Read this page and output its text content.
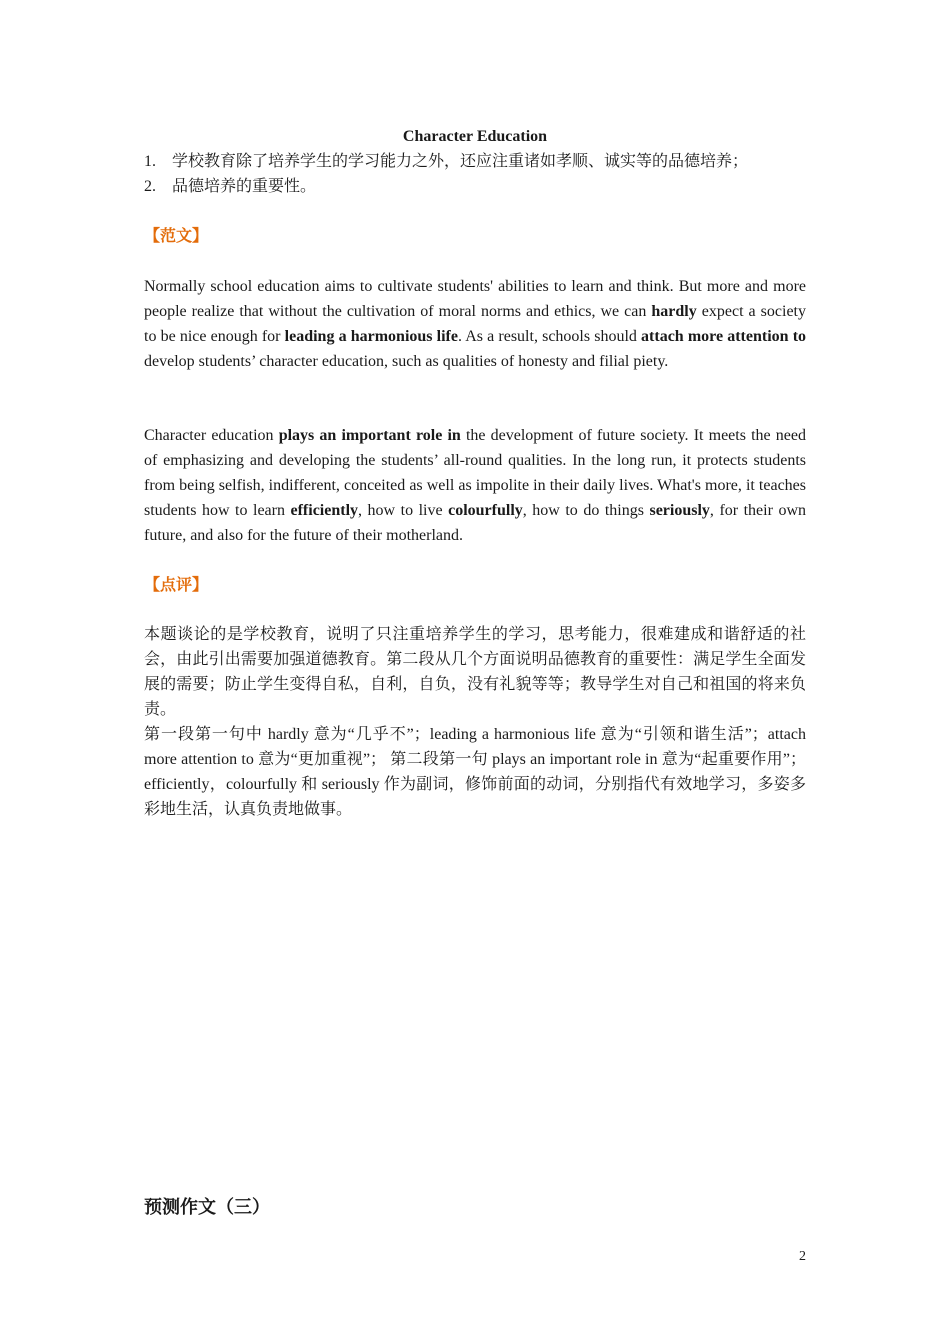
Character Education
1. 学校教育除了培养学生的学习能力之外，还应注重诸如孝顺、诚实等的品德培养；
2. 品德培养的重要性。
【范文】

Normally school education aims to cultivate students' abilities to learn and think. But more and more people realize that without the cultivation of moral norms and ethics, we can hardly expect a society to be nice enough for leading a harmonious life. As a result, schools should attach more attention to develop students’ character education, such as qualities of honesty and filial piety.

Character education plays an important role in the development of future society. It meets the need of emphasizing and developing the students’ all-round qualities. In the long run, it protects students from being selfish, indifferent, conceited as well as impolite in their daily lives. What's more, it teaches students how to learn efficiently, how to live colourfully, how to do things seriously, for their own future, and also for the future of their motherland.

【点评】

本题谈论的是学校教育，说明了只注重培养学生的学习，思考能力，很难建成和谐舒适的社会，由此引出需要加强道德教育。第二段从几个方面说明品德教育的重要性：满足学生全面发展的需要；防止学生变得自私，自利，自负，没有礼貌等等；教导学生对自己和祖国的将来负责。

第一段第一句中 hardly 意为“几乎不”；leading a harmonious life 意为“引领和谐生活”；attach more attention to 意为“更加重视”； 第二段第一句 plays an important role in 意为“起重要作用”；efficiently，colourfully 和 seriously 作为副词，修饰前面的动词，分别指代有效地学习，多姿多彩地生活，认真负责地做事。

预测作文（三）
2
